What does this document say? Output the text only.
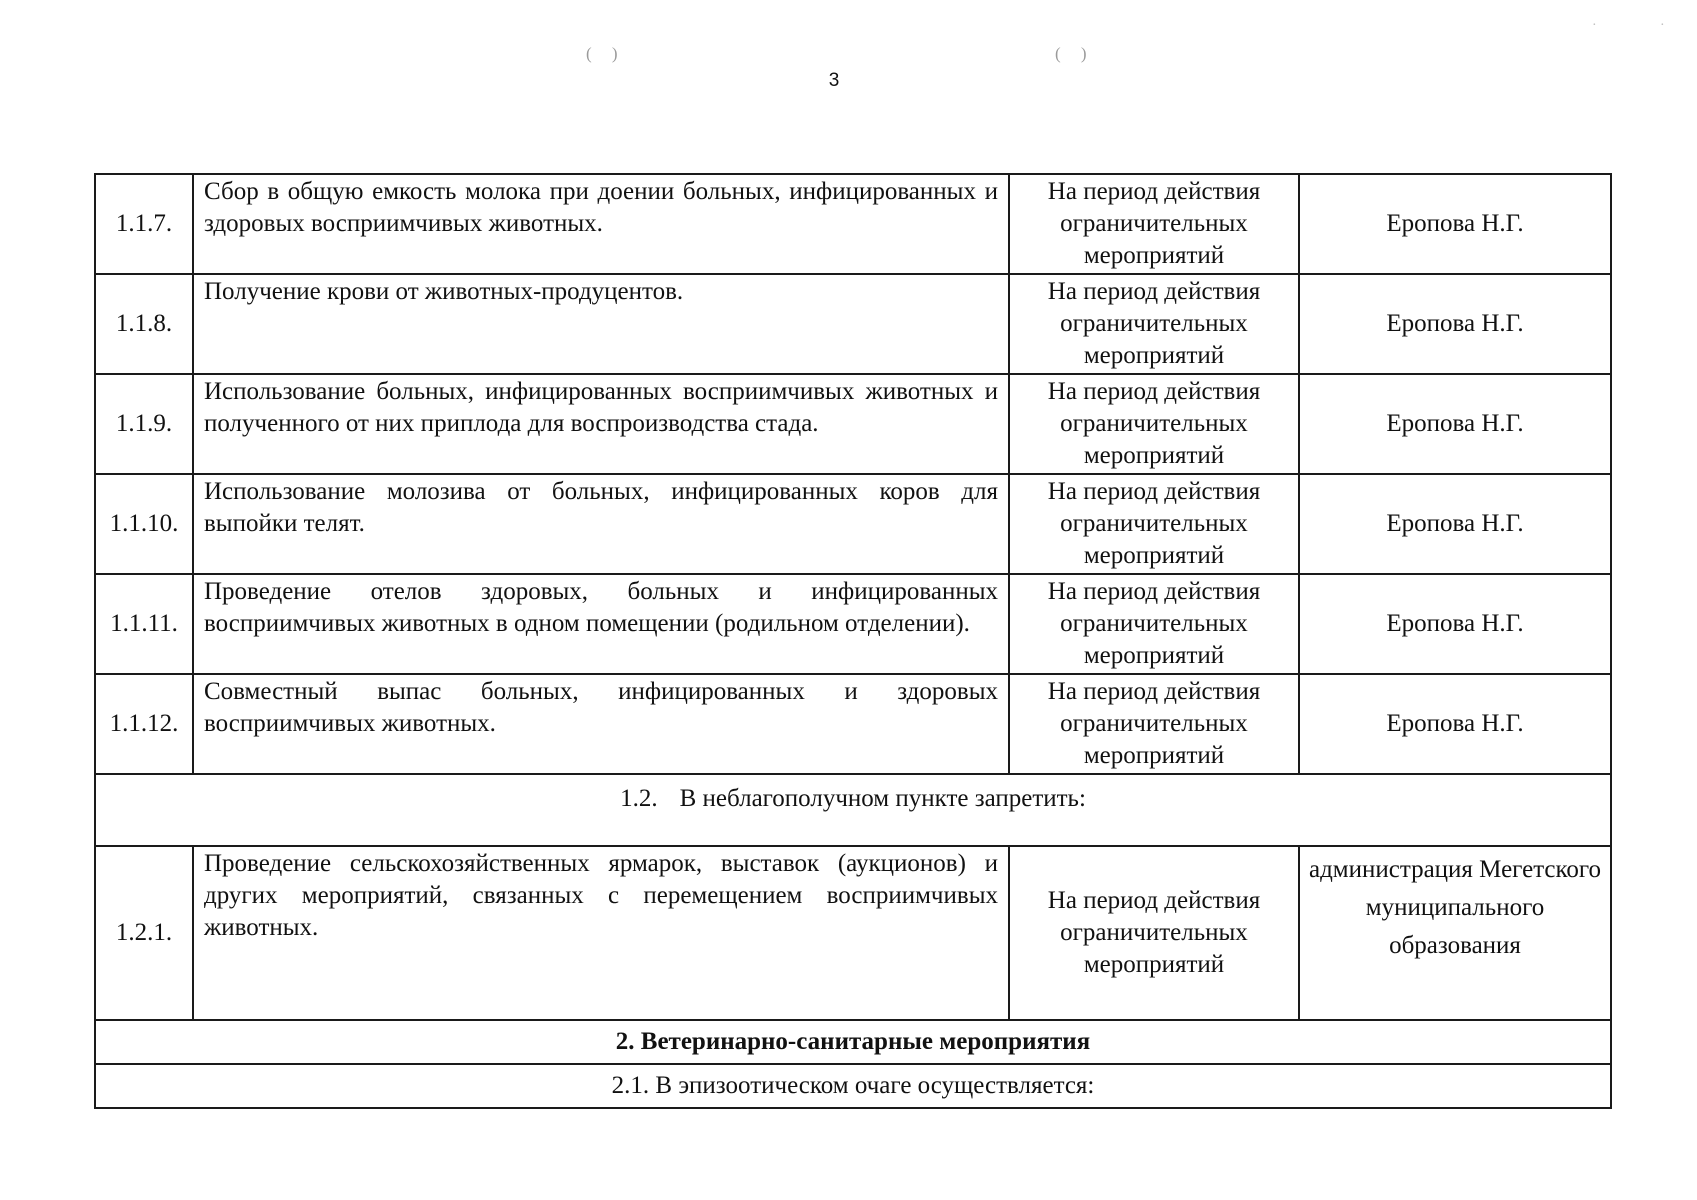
( )	( )
·	·
3
1.1.7.	Сбор в общую емкость молока при доении больных, инфицированных и здоровых восприимчивых животных.	На период действия ограничительных мероприятий	Еропова Н.Г.
1.1.8.	Получение крови от животных-продуцентов.	На период действия ограничительных мероприятий	Еропова Н.Г.
1.1.9.	Использование больных, инфицированных восприимчивых животных и полученного от них приплода для воспроизводства стада.	На период действия ограничительных мероприятий	Еропова Н.Г.
1.1.10.	Использование молозива от больных, инфицированных коров для выпойки телят.	На период действия ограничительных мероприятий	Еропова Н.Г.
1.1.11.	Проведение отелов здоровых, больных и инфицированных восприимчивых животных в одном помещении (родильном отделении).	На период действия ограничительных мероприятий	Еропова Н.Г.
1.1.12.	Совместный выпас больных, инфицированных и здоровых восприимчивых животных.	На период действия ограничительных мероприятий	Еропова Н.Г.
1.2. В неблагополучном пункте запретить:			
1.2.1.	Проведение сельскохозяйственных ярмарок, выставок (аукционов) и других мероприятий, связанных с перемещением восприимчивых животных.	На период действия ограничительных мероприятий	администрация Мегетского муниципального образования
2. Ветеринарно-санитарные мероприятия			
2.1. В эпизоотическом очаге осуществляется:			
